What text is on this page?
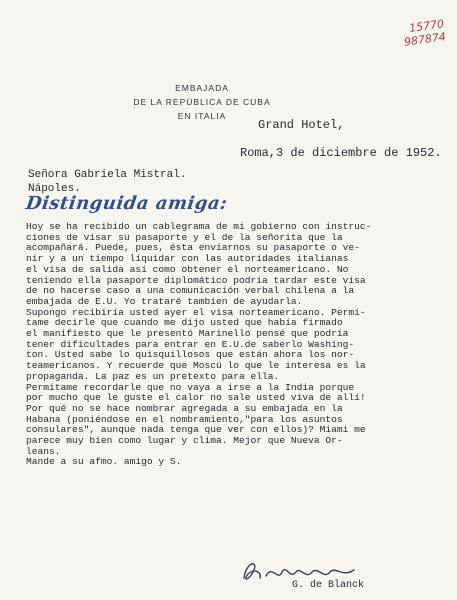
15770
987874
EMBAJADA
DE LA REPÚBLICA DE CUBA
EN ITALIA
Grand Hotel,
Roma,3 de diciembre de 1952.
Señora Gabriela Mistral.
Nápoles.
Distinguida amiga:
Hoy se ha recibido un cablegrama de mi gobierno con instruc-
ciones de visar su pasaporte y el de la señorita que la
acompañará. Puede, pues, ésta enviarnos su pasaporte o ve-
nir y a un tiempo liquidar con las autoridades italianas
el visa de salida así como obtener el norteamericano. No
teniendo ella pasaporte diplomático podría tardar este visa
de no hacerse caso a una comunicación verbal chilena a la
embajada de E.U. Yo trataré tambien de ayudarla.
Supongo recibiría usted ayer el visa norteamericano. Permí-
tame decirle que cuando me dijo usted que había firmado
el manifiesto que le presentó Marinello pensé que podría
tener dificultades para entrar en E.U.de saberlo Washing-
ton. Usted sabe lo quisquillosos que están ahora los nor-
teamericanos. Y recuerde que Moscú lo que le interesa es la
propaganda. La paz es un pretexto para ella.
Permítame recordarle que no vaya a irse a la India porque
por mucho que le guste el calor no sale usted viva de allí!
Por qué no se hace nombrar agregada a su embajada en la
Habana (poniéndose en el nombramiento,"para los asuntos
consulares", aunque nada tenga que ver con ellos)? Miami me
parece muy bien como lugar y clima. Mejor que Nueva Or-
leans.
Mande a su afmo. amigo y S.
G. de Blanck
